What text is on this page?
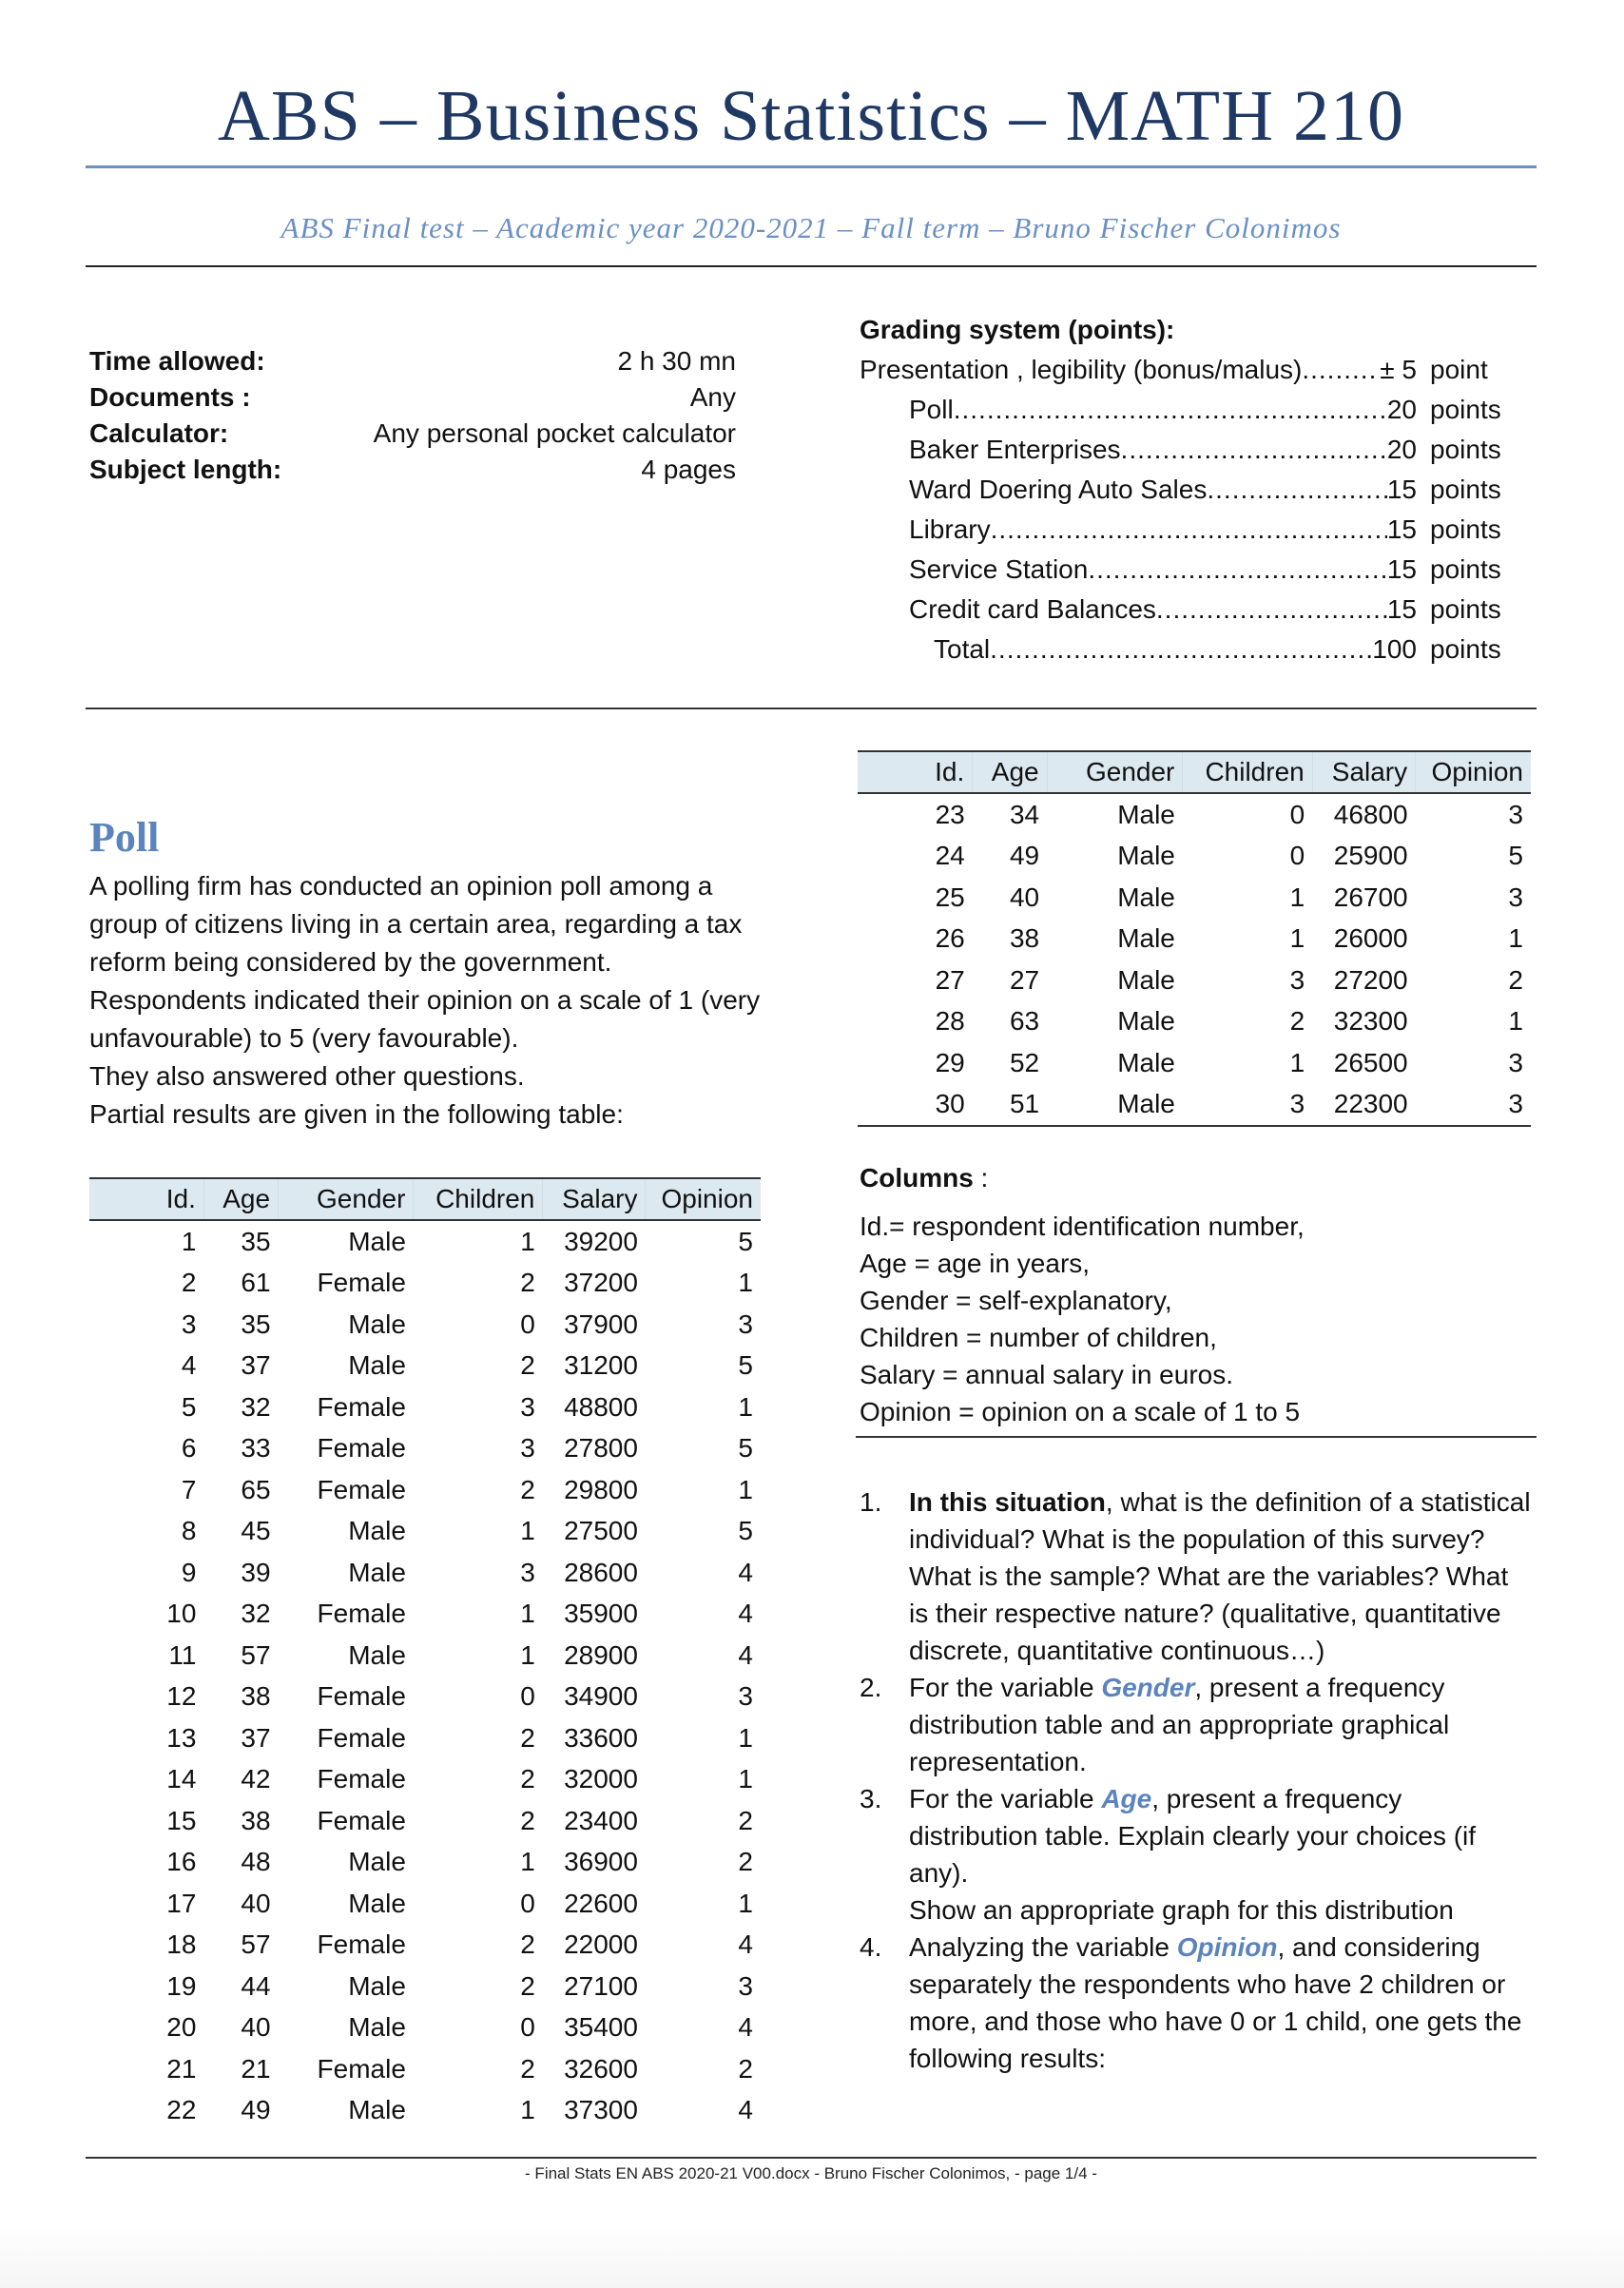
ABS – Business Statistics – MATH 210
ABS Final test – Academic year 2020-2021 – Fall term – Bruno Fischer Colonimos
Time allowed:	2 h 30 mn
Documents :	Any
Calculator:	Any personal pocket calculator
Subject length:	4 pages
Grading system (points):
Presentation , legibility (bonus/malus) .....	± 5 point
Poll .....	20 points
Baker Enterprises .....	20 points
Ward Doering Auto Sales .....	15 points
Library .....	15 points
Service Station .....	15 points
Credit card Balances .....	15 points
Total .....	100 points
Poll

A polling firm has conducted an opinion poll among a group of citizens living in a certain area, regarding a tax reform being considered by the government.

Respondents indicated their opinion on a scale of 1 (very unfavourable) to 5 (very favourable).

They also answered other questions.

Partial results are given in the following table:

Id.	Age	Gender	Children	Salary	Opinion
1	35	Male	1	39200	5
2	61	Female	2	37200	1
3	35	Male	0	37900	3
4	37	Male	2	31200	5
5	32	Female	3	48800	1
6	33	Female	3	27800	5
7	65	Female	2	29800	1
8	45	Male	1	27500	5
9	39	Male	3	28600	4
10	32	Female	1	35900	4
11	57	Male	1	28900	4
12	38	Female	0	34900	3
13	37	Female	2	33600	1
14	42	Female	2	32000	1
15	38	Female	2	23400	2
16	48	Male	1	36900	2
17	40	Male	0	22600	1
18	57	Female	2	22000	4
19	44	Male	2	27100	3
20	40	Male	0	35400	4
21	21	Female	2	32600	2
22	49	Male	1	37300	4
Id.	Age	Gender	Children	Salary	Opinion
23	34	Male	0	46800	3
24	49	Male	0	25900	5
25	40	Male	1	26700	3
26	38	Male	1	26000	1
27	27	Male	3	27200	2
28	63	Male	2	32300	1
29	52	Male	1	26500	3
30	51	Male	3	22300	3
Columns :
Id.= respondent identification number,
Age = age in years,
Gender = self-explanatory,
Children = number of children,
Salary = annual salary in euros.
Opinion = opinion on a scale of 1 to 5
1.	In this situation, what is the definition of a statistical individual? What is the population of this survey? What is the sample? What are the variables? What is their respective nature? (qualitative, quantitative discrete, quantitative continuous…)
2.	For the variable Gender, present a frequency distribution table and an appropriate graphical representation.
3.	For the variable Age, present a frequency distribution table. Explain clearly your choices (if any).
Show an appropriate graph for this distribution
4.	Analyzing the variable Opinion, and considering separately the respondents who have 2 children or more, and those who have 0 or 1 child, one gets the following results:
- Final Stats EN ABS 2020-21 V00.docx - Bruno Fischer Colonimos, - page 1/4 -
